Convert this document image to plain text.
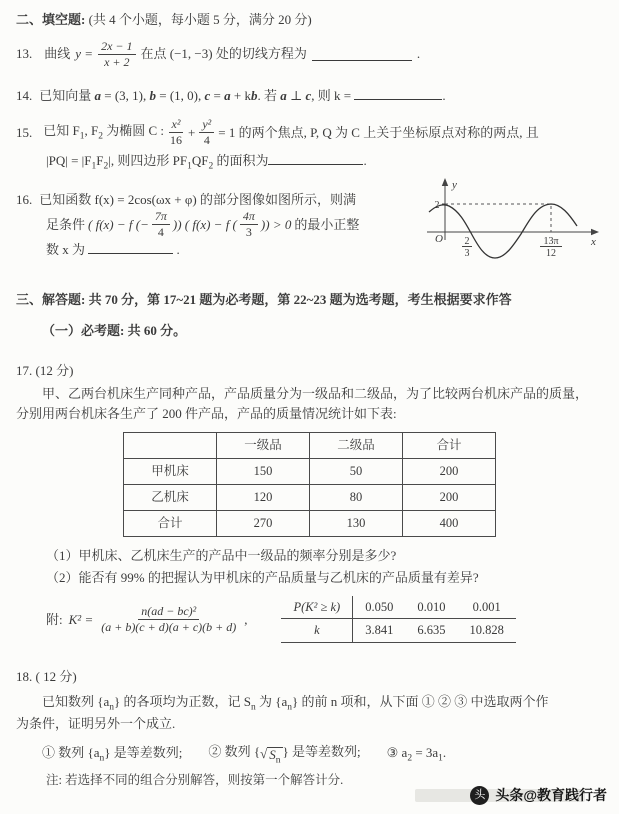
二、填空题: (共 4 个小题，每小题 5 分，满分 20 分)
13. 曲线 $y = \frac{2x - 1}{x + 2}$ 在点 (−1, −3) 处的切线方程为	.
14. 已知向量 a = (3, 1), b = (1, 0), c = a + kb. 若 a ⊥ c, 则 k =	.
15. 已知 $F_1$, $F_2$ 为椭圆 C : $\frac{\text{x²}}{16} + \frac{\text{y²}}{4} = 1$ 的两个焦点, P, Q 为 C 上关于坐标原点对称的两点, 且
$|PQ| = |F_1F_2|$, 则四边形 $PF_1QF_2$ 的面积为	.
16. 已知函数 f(x) = 2cos(ωx + φ) 的部分图像如图所示，则满
足条件 ( f(x) − f (− $\frac{7\pi}{4}$ )) ( f(x) − f ( $\frac{4\pi}{3}$ )) > 0 的最小正整
数 x 为	.
y
x
O
2
2
3
13π
12
三、解答题: 共 70 分，第 17~21 题为必考题，第 22~23 题为选考题，考生根据要求作答
（一）必考题: 共 60 分。
17. (12 分)
甲、乙两台机床生产同种产品，产品质量分为一级品和二级品，为了比较两台机床产品的质量，
分别用两台机床各生产了 200 件产品，产品的质量情况统计如下表:
	一级品	二级品	合计
甲机床	150	50	200
乙机床	120	80	200
合计	270	130	400
（1）甲机床、乙机床生产的产品中一级品的频率分别是多少?
（2）能否有 99% 的把握认为甲机床的产品质量与乙机床的产品质量有差异?
附: $K^2 = \frac{\text{n(ad − bc)²}}{(a + b)(c + d)(a + c)(b + d)}$ ,
P(K² ≥ k)	0.050	0.010	0.001
k	3.841	6.635	10.828
18. ( 12 分)
已知数列 $\{a_n\}$ 的各项均为正数，记 $S_n$ 为 $\{a_n\}$ 的前 n 项和，从下面 ① ② ③ 中选取两个作
为条件，证明另外一个成立.
① 数列 $\{a_n\}$ 是等差数列; ② 数列 { √ $S_n$
} 是等差数列; ③ $a_2 = 3a_1$.
注: 若选择不同的组合分别解答，则按第一个解答计分.
头 头条@教育践行者
